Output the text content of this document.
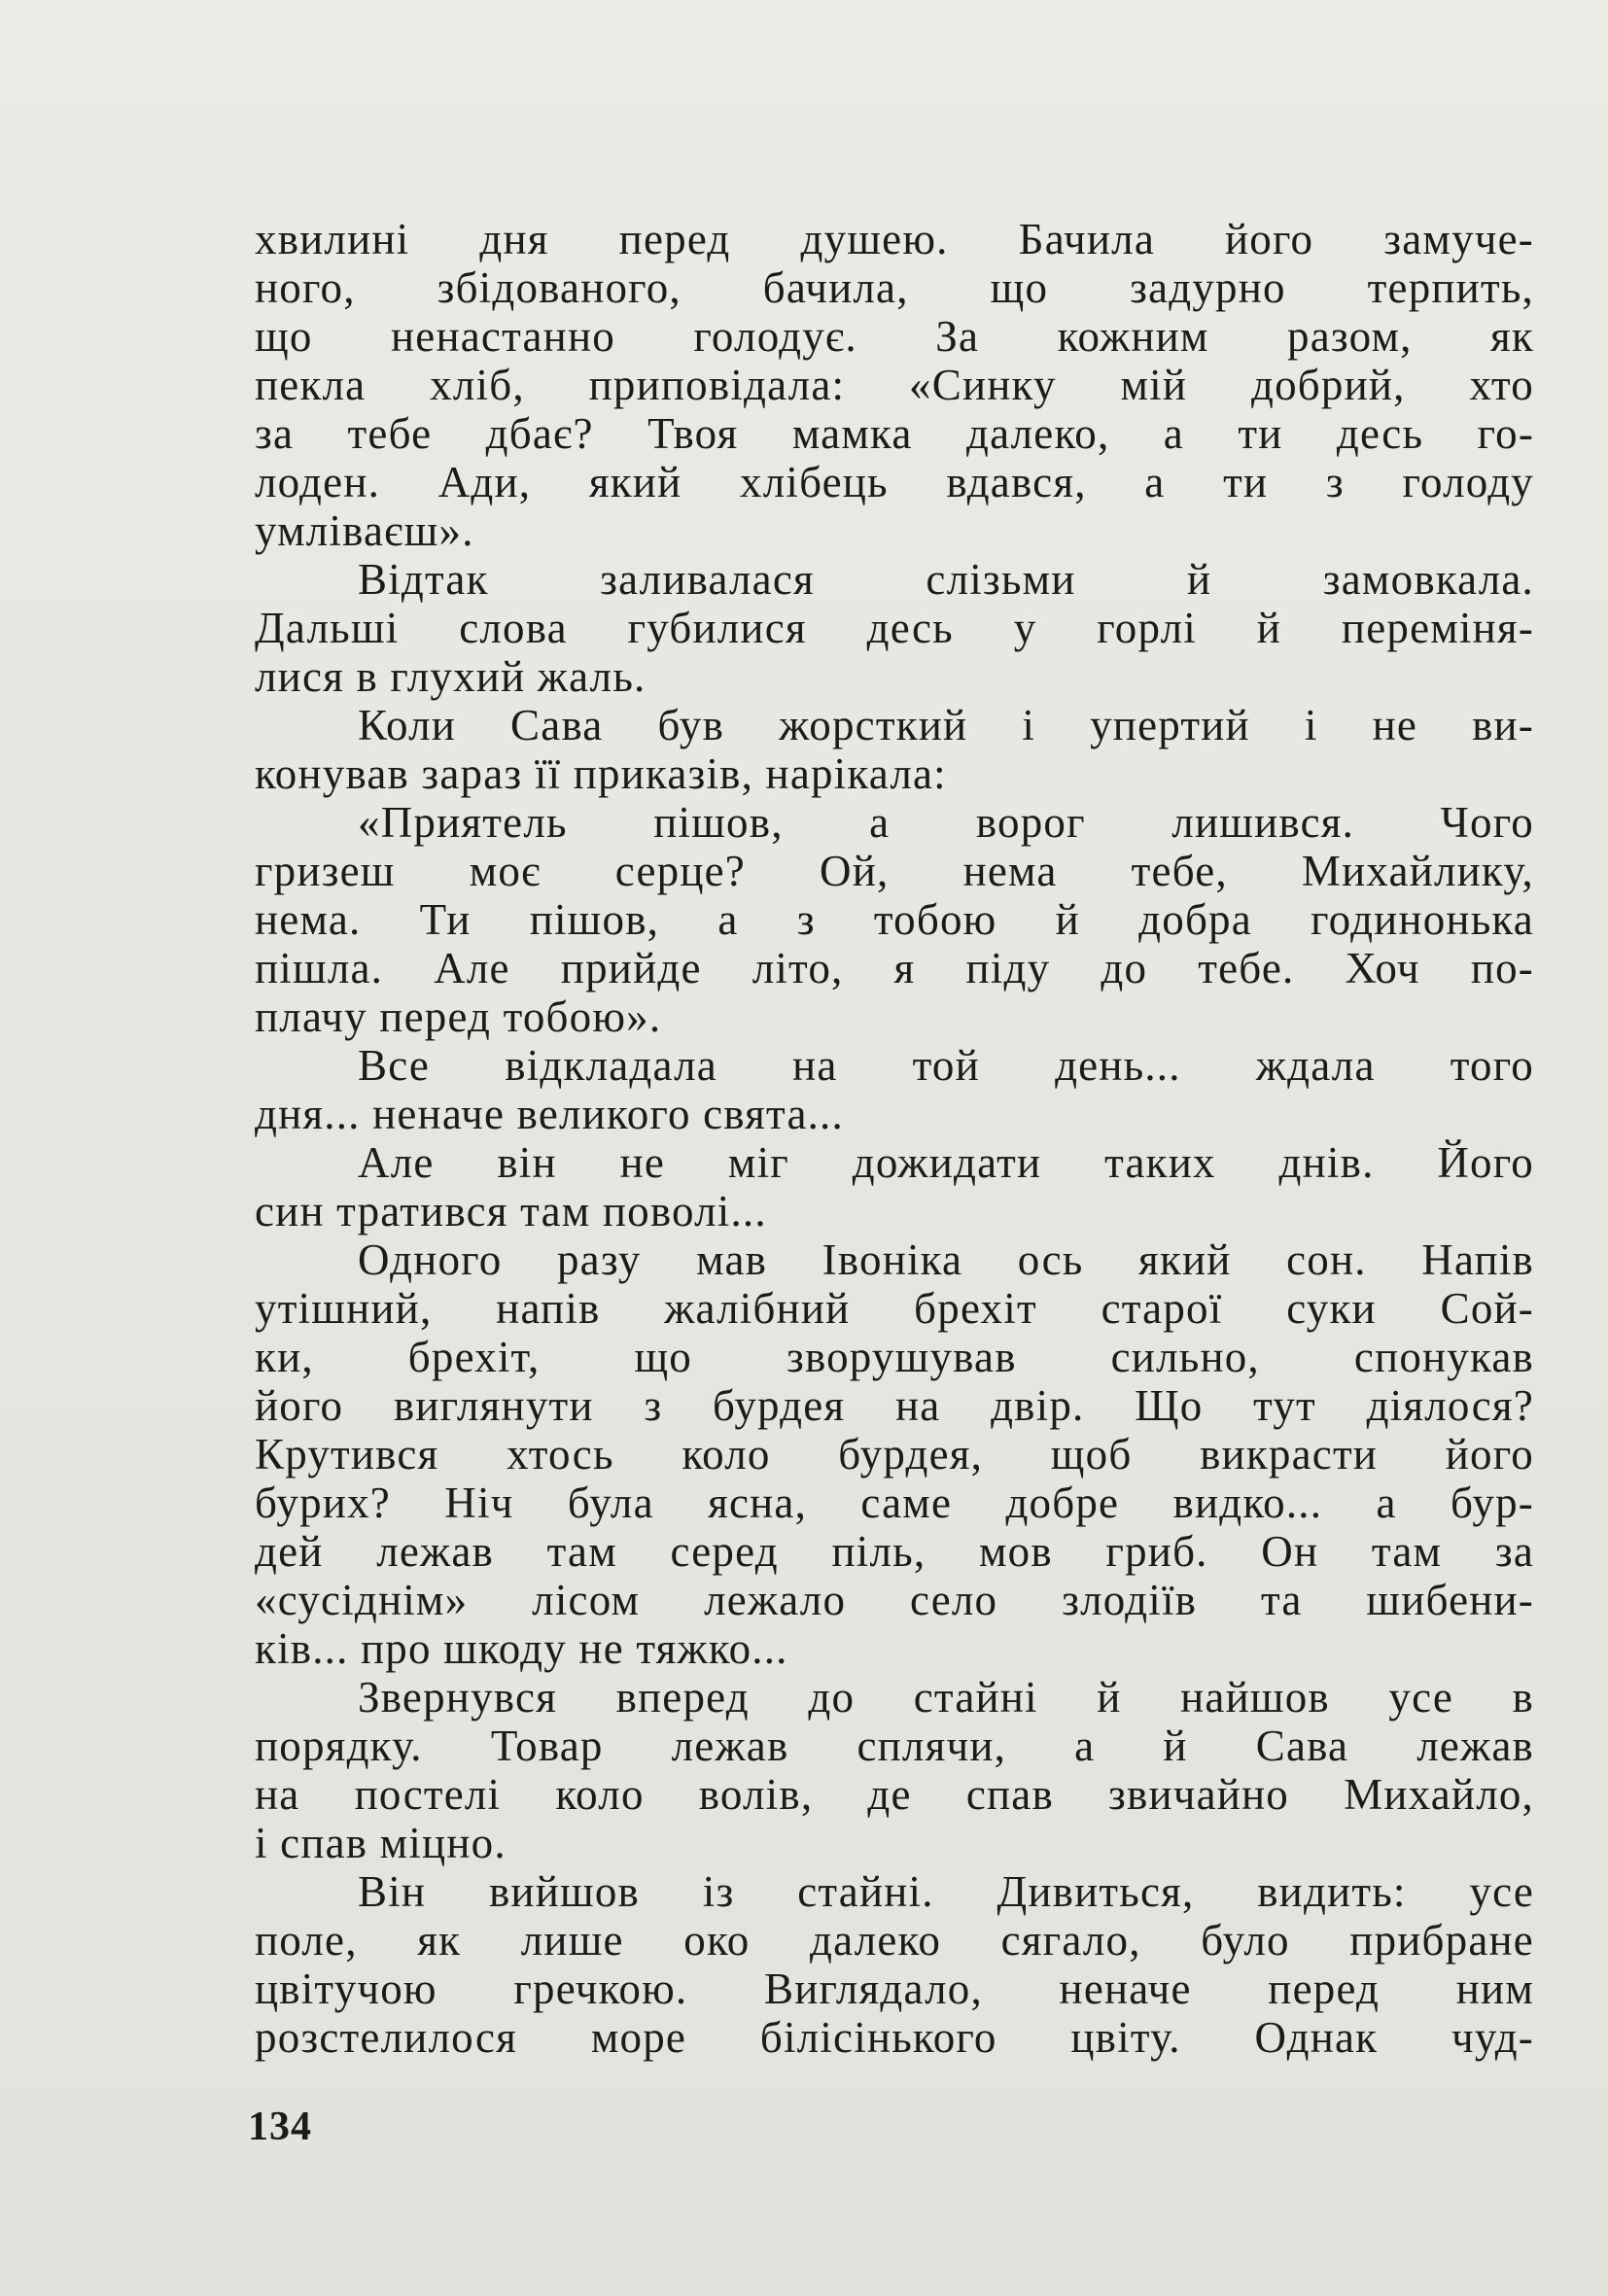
хвилині дня перед душею. Бачила його замуче-
ного, збідованого, бачила, що задурно терпить,
що ненастанно голодує. За кожним разом, як
пекла хліб, приповідала: «Синку мій добрий, хто
за тебе дбає? Твоя мамка далеко, а ти десь го-
лоден. Ади, який хлібець вдався, а ти з голоду
умліваєш».
Відтак заливалася слізьми й замовкала.
Дальші слова губилися десь у горлі й переміня-
лися в глухий жаль.
Коли Сава був жорсткий і упертий і не ви-
конував зараз її приказів, нарікала:
«Приятель пішов, а ворог лишився. Чого
гризеш моє серце? Ой, нема тебе, Михайлику,
нема. Ти пішов, а з тобою й добра годинонька
пішла. Але прийде літо, я піду до тебе. Хоч по-
плачу перед тобою».
Все відкладала на той день... ждала того
дня... неначе великого свята...
Але він не міг дожидати таких днів. Його
син тратився там поволі...
Одного разу мав Івоніка ось який сон. Напів
утішний, напів жалібний брехіт старої суки Сой-
ки, брехіт, що зворушував сильно, спонукав
його виглянути з бурдея на двір. Що тут діялося?
Крутився хтось коло бурдея, щоб викрасти його
бурих? Ніч була ясна, саме добре видко... а бур-
дей лежав там серед піль, мов гриб. Он там за
«сусіднім» лісом лежало село злодіїв та шибени-
ків... про шкоду не тяжко...
Звернувся вперед до стайні й найшов усе в
порядку. Товар лежав сплячи, а й Сава лежав
на постелі коло волів, де спав звичайно Михайло,
і спав міцно.
Він вийшов із стайні. Дивиться, видить: усе
поле, як лише око далеко сягало, було прибране
цвітучою гречкою. Виглядало, неначе перед ним
розстелилося море білісінького цвіту. Однак чуд-
134
